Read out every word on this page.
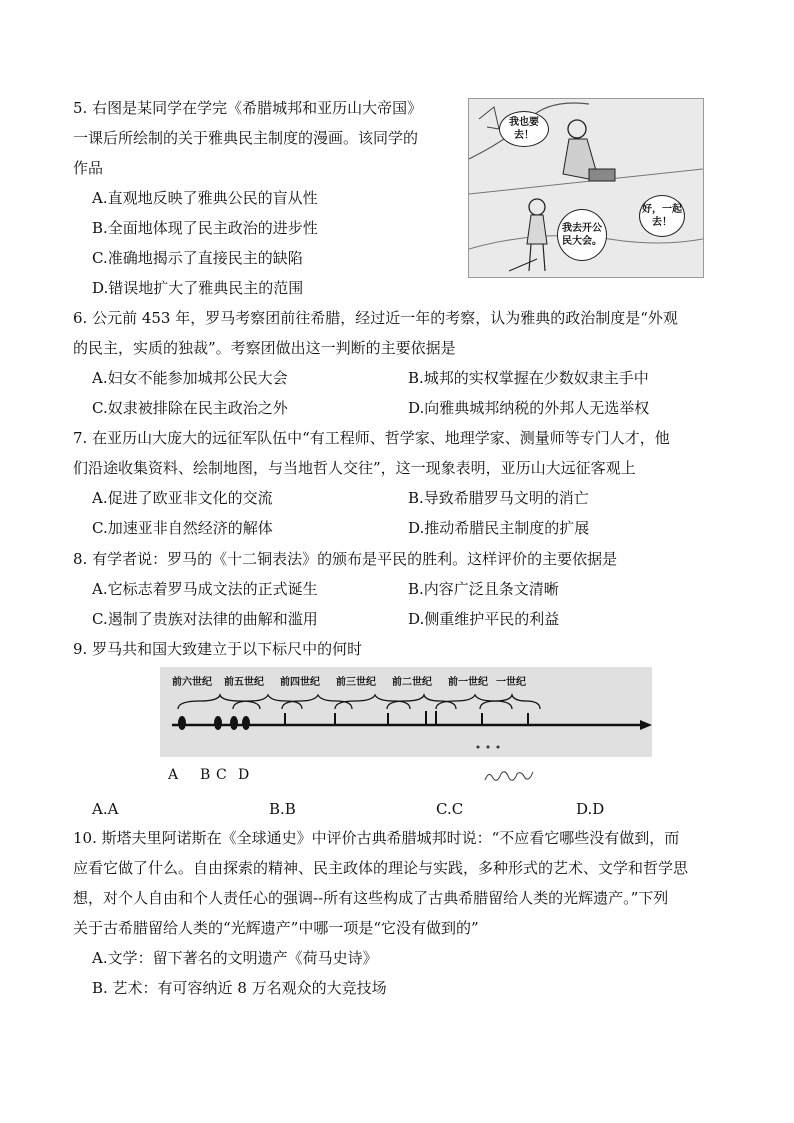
5. 右图是某同学在学完《希腊城邦和亚历山大帝国》
一课后所绘制的关于雅典民主制度的漫画。该同学的
作品
A.直观地反映了雅典公民的盲从性
B.全面地体现了民主政治的进步性
C.准确地揭示了直接民主的缺陷
D.错误地扩大了雅典民主的范围
我也要去！
我去开公民大会。
好，一起去！
6. 公元前 453 年，罗马考察团前往希腊，经过近一年的考察，认为雅典的政治制度是“外观
的民主，实质的独裁”。考察团做出这一判断的主要依据是
A.妇女不能参加城邦公民大会	B.城邦的实权掌握在少数奴隶主手中
C.奴隶被排除在民主政治之外	D.向雅典城邦纳税的外邦人无选举权
7. 在亚历山大庞大的远征军队伍中“有工程师、哲学家、地理学家、测量师等专门人才，他
们沿途收集资料、绘制地图，与当地哲人交往”，这一现象表明，亚历山大远征客观上
A.促进了欧亚非文化的交流	B.导致希腊罗马文明的消亡
C.加速亚非自然经济的解体	D.推动希腊民主制度的扩展
8. 有学者说：罗马的《十二铜表法》的颁布是平民的胜利。这样评价的主要依据是
A.它标志着罗马成文法的正式诞生	B.内容广泛且条文清晰
C.遏制了贵族对法律的曲解和滥用	D.侧重维护平民的利益
9. 罗马共和国大致建立于以下标尺中的何时
前六世纪 前五世纪 前四世纪 前三世纪 前二世纪 前一世纪 一世纪
A B C D
A.A	B.B	C.C	D.D
10. 斯塔夫里阿诺斯在《全球通史》中评价古典希腊城邦时说：“不应看它哪些没有做到，而
应看它做了什么。自由探索的精神、民主政体的理论与实践，多种形式的艺术、文学和哲学思
想，对个人自由和个人责任心的强调--所有这些构成了古典希腊留给人类的光辉遗产。”下列
关于古希腊留给人类的“光辉遗产”中哪一项是“它没有做到的”
A.文学：留下著名的文明遗产《荷马史诗》
B. 艺术：有可容纳近 8 万名观众的大竞技场
